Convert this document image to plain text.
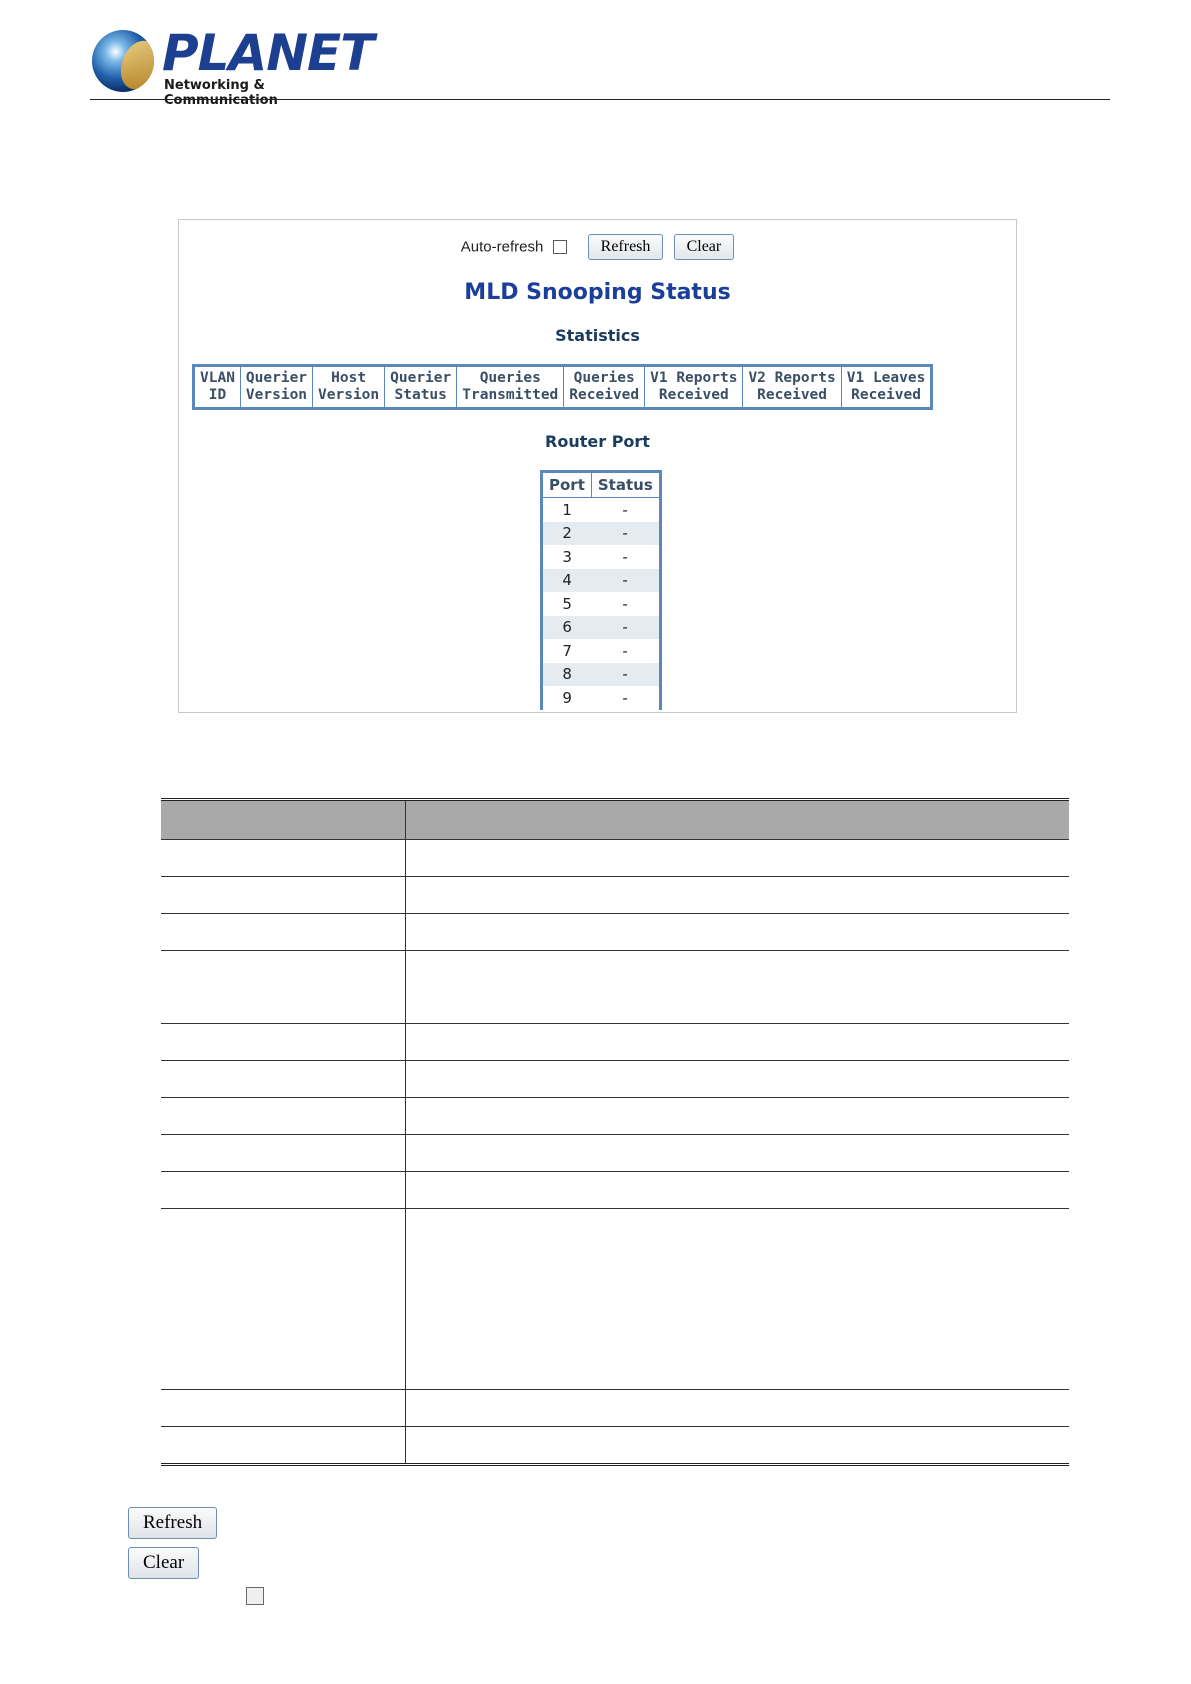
PLANET
Networking & Communication
Auto-refresh	Refresh Clear
MLD Snooping Status
Statistics
VLAN
ID

Querier
Version

Host
Version

Querier
Status

Queries
Transmitted

Queries
Received

V1 Reports
Received

V2 Reports
Received

V1 Leaves
Received
Router Port
Port	Status
1	-
2	-
3	-
4	-
5	-
6	-
7	-
8	-
9	-

Refresh
Clear
